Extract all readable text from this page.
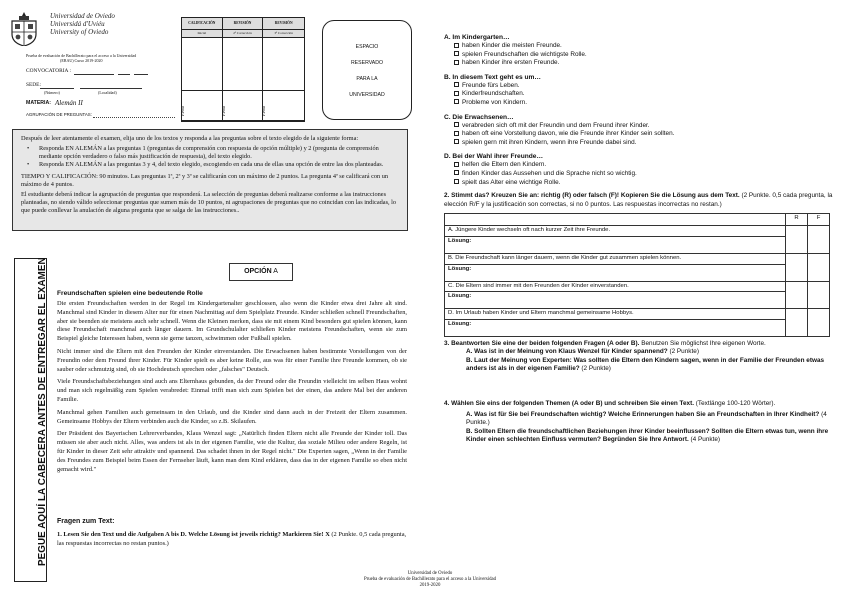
Universidad de Oviedo
Universidá d'Uviéu
University of Oviedo
Prueba de evaluación de Bachillerato para el acceso a la Universidad
(EBAU) Curso 2019-2020
CONVOCATORIA :
SEDE:
(Número)	(Localidad)
MATERIA: Alemán II
AGRUPACIÓN DE PREGUNTAS:
CALIFICACIÓN	REVISIÓN	REVISIÓN
Inicial	2ª Corrección	3ª Corrección
Firma	Firma	Firma
ESPACIO
RESERVADO
PARA LA
UNIVERSIDAD

Después de leer atentamente el examen, elija uno de los textos y responda a las preguntas sobre el texto elegido de la siguiente forma:

• Responda EN ALEMÁN a las preguntas 1 (preguntas de comprensión con respuesta de opción múltiple) y 2 (pregunta de comprensión mediante opción verdadero o falso más justificación de respuesta), del texto elegido.
• Responda EN ALEMÁN a las preguntas 3 y 4, del texto elegido, escogiendo en cada una de ellas una opción de entre las dos planteadas.

TIEMPO Y CALIFICACIÓN: 90 minutos. Las preguntas 1ª, 2ª y 3ª se calificarán con un máximo de 2 puntos. La pregunta 4ª se calificará con un máximo de 4 puntos.

El estudiante deberá indicar la agrupación de preguntas que responderá. La selección de preguntas deberá realizarse conforme a las instrucciones planteadas, no siendo válido seleccionar preguntas que sumen más de 10 puntos, ni agrupaciones de preguntas que no coincidan con las indicadas, lo que puede conllevar la anulación de alguna pregunta que se salga de las instrucciones..

PEGUE AQUÍ LA CABECERA ANTES DE ENTREGAR EL EXAMEN	OPCIÓN A
Freundschaften spielen eine bedeutende Rolle

Die ersten Freundschaften werden in der Regel im Kindergartenalter geschlossen, also wenn die Kinder etwa drei Jahre alt sind. Manchmal sind Kinder in diesem Alter nur für einen Nachmittag auf dem Spielplatz Freunde. Kinder schließen schnell Freundschaften, aber sie beenden sie meistens auch sehr schnell. Wenn die Kleinen merken, dass sie mit einem Kind besonders gut spielen können, kann diese Freundschaft manchmal auch länger dauern. Im Grundschulalter schließen Kinder meistens Freundschaften, wenn sie zum Beispiel gleiche Interessen haben, wenn sie gerne tanzen, schwimmen oder Fußball spielen.

Nicht immer sind die Eltern mit den Freunden der Kinder einverstanden. Die Erwachsenen haben bestimmte Vorstellungen von der Freundin oder dem Freund ihrer Kinder. Für Kinder spielt es aber keine Rolle, aus was für einer Familie ihre Freunde kommen, ob sie sauber oder schmutzig sind, ob sie Hochdeutsch sprechen oder „falsches" Deutsch.

Viele Freundschaftsbeziehungen sind auch ans Elternhaus gebunden, da der Freund oder die Freundin vielleicht im selben Haus wohnt und man sich regelmäßig zum Spielen verabredet: Einmal trifft man sich zum Spielen bei der einen, das andere Mal bei der anderen Familie.

Manchmal gehen Familien auch gemeinsam in den Urlaub, und die Kinder sind dann auch in der Freizeit der Eltern zusammen. Gemeinsame Hobbys der Eltern verbinden auch die Kinder, so z.B. Skilaufen.

Der Präsident des Bayerischen Lehrerverbandes, Klaus Wenzel sagt: „Natürlich finden Eltern nicht alle Freunde der Kinder toll. Das müssen sie aber auch nicht. Alles, was anders ist als in der eigenen Familie, wie die Kultur, das soziale Milieu oder andere Regeln, ist für Kinder in dieser Zeit sehr attraktiv und spannend. Das schadet ihnen in der Regel nicht." Die Experten sagen, „Wenn in der Familie des Freundes zum Beispiel beim Essen der Fernseher läuft, kann man dem Kind erklären, dass das in der eigenen Familie so eben nicht gemacht wird."

Fragen zum Text:

1. Lesen Sie den Text und die Aufgaben A bis D. Welche Lösung ist jeweils richtig? Markieren Sie! X (2 Punkte. 0,5 cada pregunta, las respuestas incorrectas no restan puntos.)

Universidad de Oviedo
Prueba de evaluación de Bachillerato para el acceso a la Universidad
2019-2020
A. Im Kindergarten…
haben Kinder die meisten Freunde.
spielen Freundschaften die wichtigste Rolle.
haben Kinder ihre ersten Freunde.
B. In diesem Text geht es um…
Freunde fürs Leben.
Kinderfreundschaften.
Probleme von Kindern.
C. Die Erwachsenen…
verabreden sich oft mit der Freundin und dem Freund ihrer Kinder.
haben oft eine Vorstellung davon, wie die Freunde ihrer Kinder sein sollten.
spielen gern mit ihren Kindern, wenn ihre Freunde dabei sind.
D. Bei der Wahl ihrer Freunde…
helfen die Eltern den Kindern.
finden Kinder das Aussehen und die Sprache nicht so wichtig.
spielt das Alter eine wichtige Rolle.
2. Stimmt das? Kreuzen Sie an: richtig (R) oder falsch (F)! Kopieren Sie die Lösung aus dem Text. (2 Punkte. 0,5 cada pregunta, la elección R/F y la justificación son correctas, si no 0 puntos. Las respuestas incorrectas no restan.)
	R	F
A. Jüngere Kinder wechseln oft nach kurzer Zeit ihre Freunde.		
Lösung:		
B. Die Freundschaft kann länger dauern, wenn die Kinder gut zusammen spielen können.		
Lösung:		
C. Die Eltern sind immer mit den Freunden der Kinder einverstanden.		
Lösung:		
D. Im Urlaub haben Kinder und Eltern manchmal gemeinsame Hobbys.		
Lösung:		
3. Beantworten Sie eine der beiden folgenden Fragen (A oder B). Benutzen Sie möglichst Ihre eigenen Worte.
A. Was ist in der Meinung von Klaus Wenzel für Kinder spannend? (2 Punkte)
B. Laut der Meinung von Experten: Was sollten die Eltern den Kindern sagen, wenn in der Familie der Freunden etwas anders ist als in der eigenen Familie? (2 Punkte)
4. Wählen Sie eins der folgenden Themen (A oder B) und schreiben Sie einen Text. (Textlänge 100-120 Wörter).
A. Was ist für Sie bei Freundschaften wichtig? Welche Erinnerungen haben Sie an Freundschaften in Ihrer Kindheit? (4 Punkte.)
B. Sollten Eltern die freundschaftlichen Beziehungen ihrer Kinder beeinflussen? Sollten die Eltern etwas tun, wenn ihre Kinder einen schlechten Einfluss vermuten? Begründen Sie Ihre Antwort. (4 Punkte)
